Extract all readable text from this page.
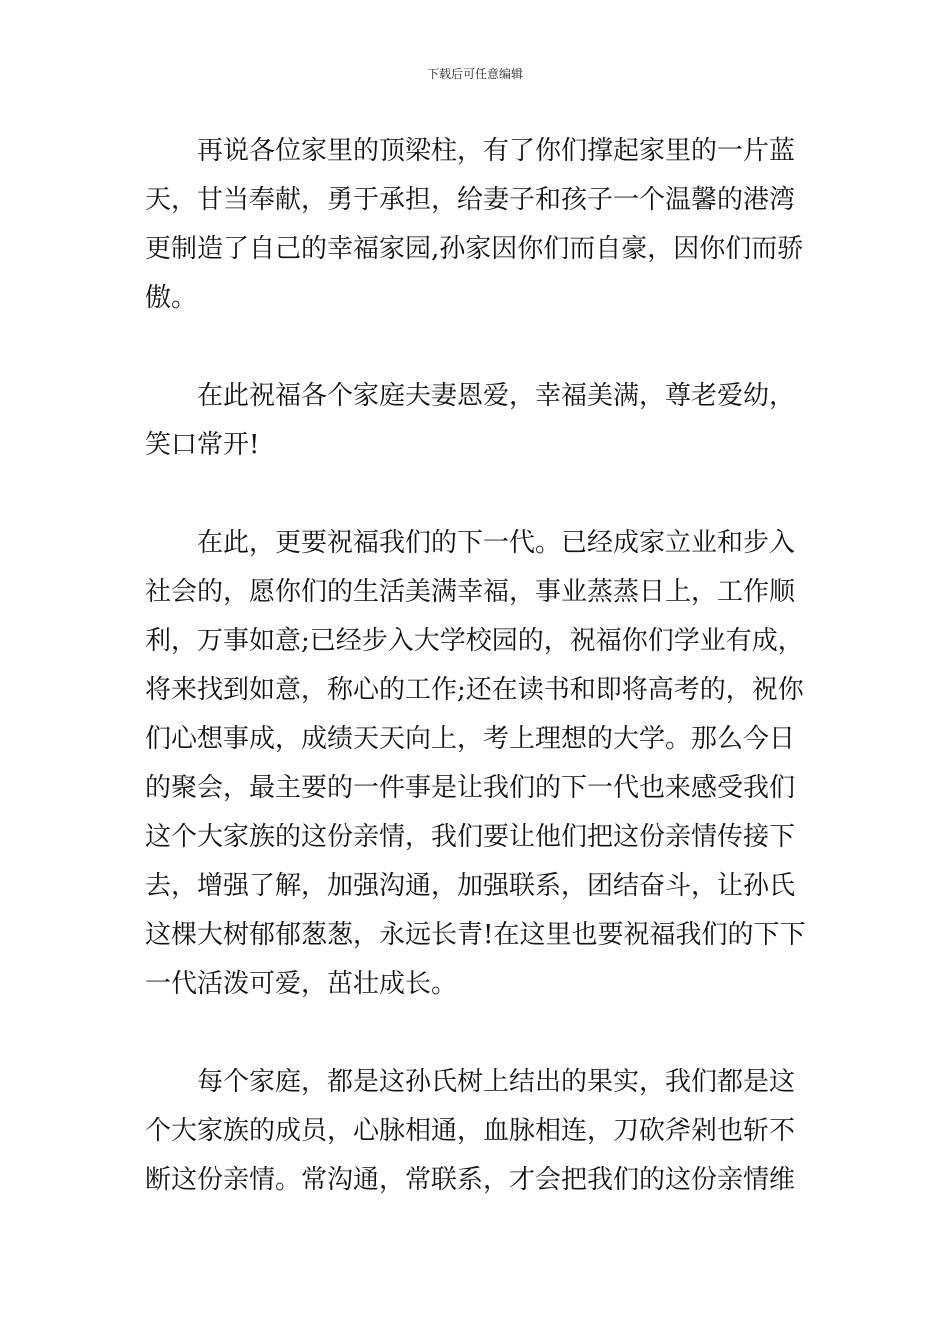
下载后可任意编辑
再说各位家里的顶梁柱，有了你们撑起家里的一片蓝
天，甘当奉献，勇于承担，给妻子和孩子一个温馨的港湾
更制造了自己的幸福家园,孙家因你们而自豪，因你们而骄
傲。
在此祝福各个家庭夫妻恩爱，幸福美满，尊老爱幼，
笑口常开!
在此，更要祝福我们的下一代。已经成家立业和步入
社会的，愿你们的生活美满幸福，事业蒸蒸日上，工作顺
利，万事如意;已经步入大学校园的，祝福你们学业有成，
将来找到如意，称心的工作;还在读书和即将高考的，祝你
们心想事成，成绩天天向上，考上理想的大学。那么今日
的聚会，最主要的一件事是让我们的下一代也来感受我们
这个大家族的这份亲情，我们要让他们把这份亲情传接下
去，增强了解，加强沟通，加强联系，团结奋斗，让孙氏
这棵大树郁郁葱葱，永远长青!在这里也要祝福我们的下下
一代活泼可爱，茁壮成长。
每个家庭，都是这孙氏树上结出的果实，我们都是这
个大家族的成员，心脉相通，血脉相连，刀砍斧剁也斩不
断这份亲情。常沟通，常联系，才会把我们的这份亲情维
